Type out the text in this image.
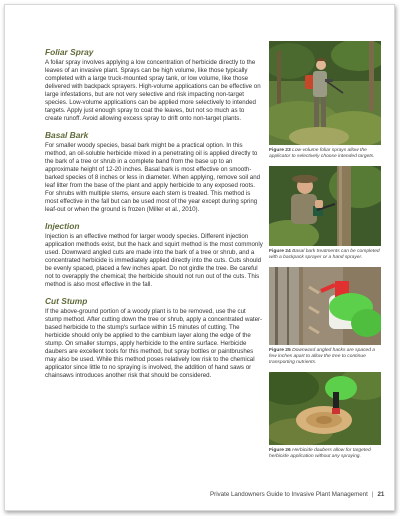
Foliar Spray

A foliar spray involves applying a low concentration of herbicide directly to the leaves of an invasive plant. Sprays can be high volume, like those typically completed with a large truck-mounted spray tank, or low volume, like those delivered with backpack sprayers. High-volume applications can be effective on large infestations, but are not very selective and risk impacting non-target species. Low-volume applications can be applied more selectively to intended targets. Apply just enough spray to coat the leaves, but not so much as to create runoff. Avoid allowing excess spray to drift onto non-target plants.

Basal Bark

For smaller woody species, basal bark might be a practical option. In this method, an oil-soluble herbicide mixed in a penetrating oil is applied directly to the bark of a tree or shrub in a complete band from the base up to an approximate height of 12-20 inches. Basal bark is most effective on smooth-barked species of 8 inches or less in diameter. When applying, remove soil and leaf litter from the base of the plant and apply herbicide to any exposed roots. For shrubs with multiple stems, ensure each stem is treated. This method is most effective in the fall but can be used most of the year except during spring leaf-out or when the ground is frozen (Miller et al., 2010).

Injection

Injection is an effective method for larger woody species. Different injection application methods exist, but the hack and squirt method is the most commonly used. Downward angled cuts are made into the bark of a tree or shrub, and a concentrated herbicide is immediately applied directly into the cuts. Cuts should be evenly spaced, placed a few inches apart. Do not girdle the tree. Be careful not to overapply the chemical; the herbicide should not run out of the cuts. This method is also most effective in the fall.

Cut Stump

If the above-ground portion of a woody plant is to be removed, use the cut stump method. After cutting down the tree or shrub, apply a concentrated water-based herbicide to the stump's surface within 15 minutes of cutting. The herbicide should only be applied to the cambium layer along the edge of the stump. On smaller stumps, apply herbicide to the entire surface. Herbicide daubers are excellent tools for this method, but spray bottles or paintbrushes may also be used. While this method poses relatively low risk to the chemical applicator since little to no spraying is involved, the addition of hand saws or chainsaws introduces another risk that should be considered.

Figure 23 Low-volume foliar sprays allow the applicator to selectively choose intended targets.

Figure 24 Basal bark treatments can be completed with a backpack sprayer or a hand sprayer.

Figure 25 Downward angled hacks are spaced a few inches apart to allow the tree to continue transporting nutrients.

Figure 26 Herbicide daubers allow for targeted herbicide application without any spraying.

Private Landowners Guide to Invasive Plant Management | 21
